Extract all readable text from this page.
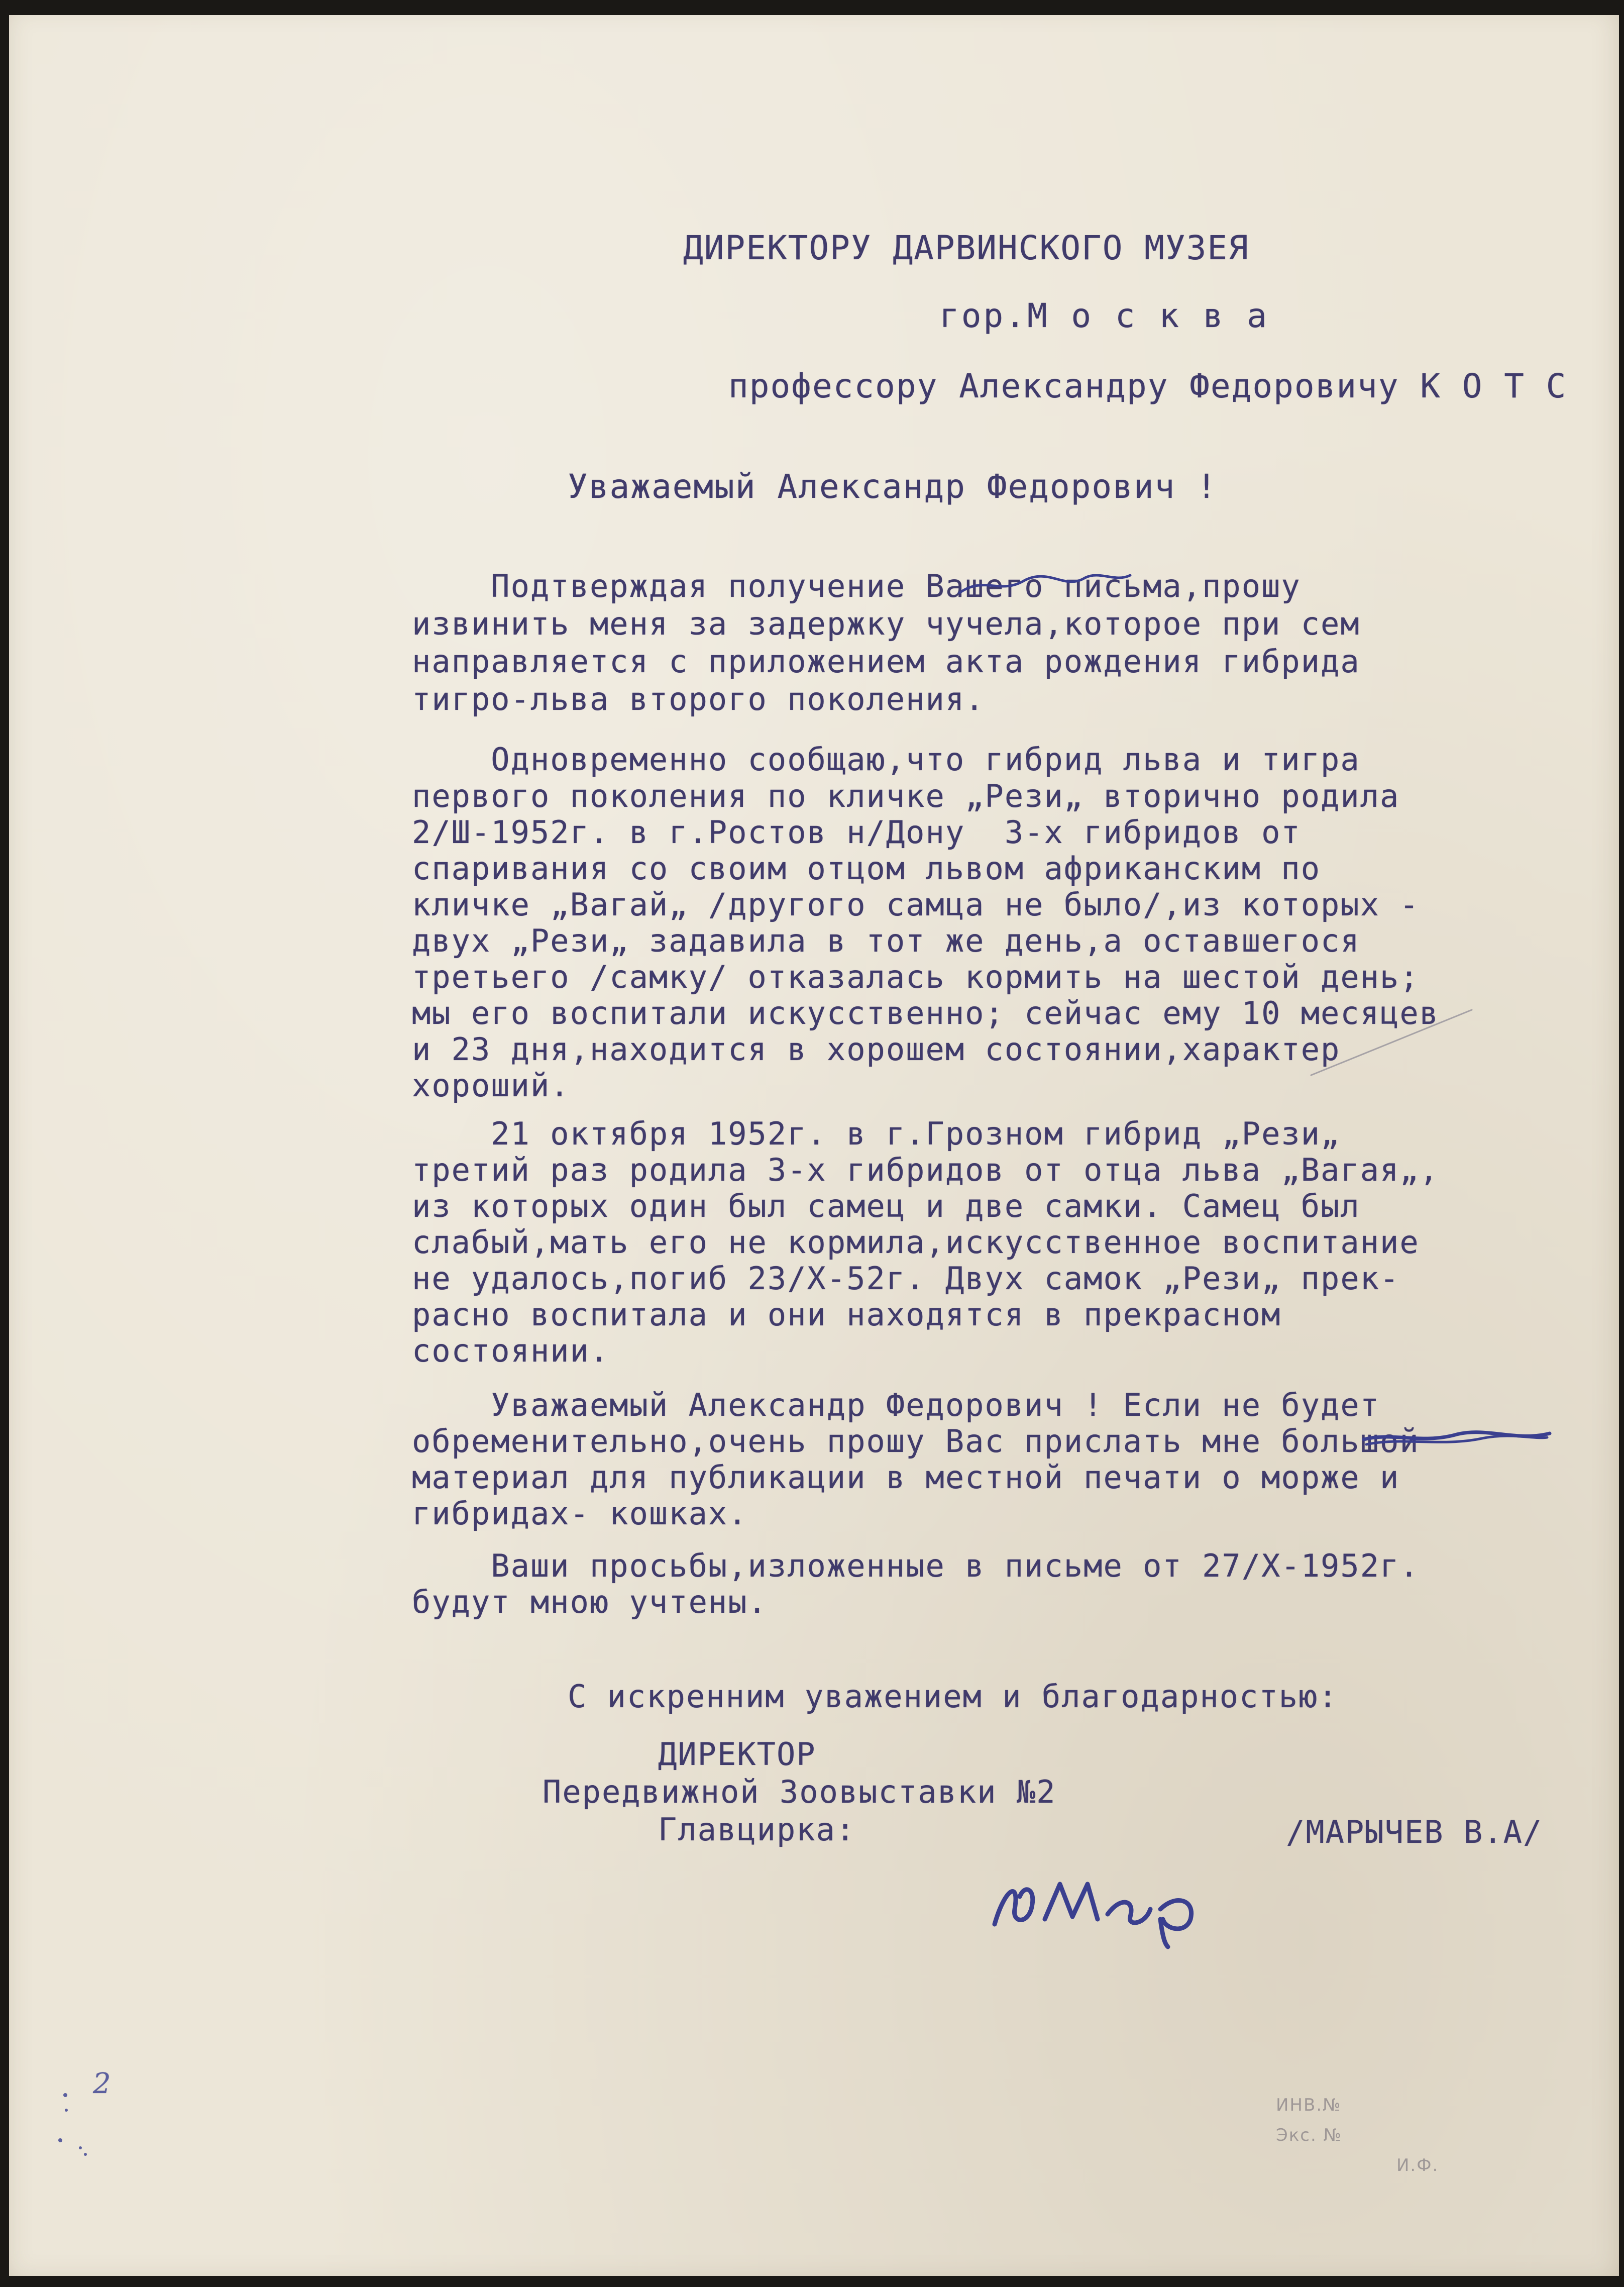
ДИРЕКТОРУ ДАРВИНСКОГО МУЗЕЯ
гор.М о с к в а
профессору Александру Федоровичу К О Т С
Уважаемый Александр Федорович !
Подтверждая получение Вашего письма,прошу
извинить меня за задержку чучела,которое при сем
направляется с приложением акта рождения гибрида
тигро-льва второго поколения.
Одновременно сообщаю,что гибрид льва и тигра
первого поколения по кличке „Рези„ вторично родила
2/Ш-1952г. в г.Ростов н/Дону  3-х гибридов от
спаривания со своим отцом львом африканским по
кличке „Вагай„ /другого самца не было/,из которых -
двух „Рези„ задавила в тот же день,а оставшегося
третьего /самку/ отказалась кормить на шестой день;
мы его воспитали искусственно; сейчас ему 10 месяцев
и 23 дня,находится в хорошем состоянии,характер
хороший.
21 октября 1952г. в г.Грозном гибрид „Рези„
третий раз родила 3-х гибридов от отца льва „Вагая„,
из которых один был самец и две самки. Самец был
слабый,мать его не кормила,искусственное воспитание
не удалось,погиб 23/Х-52г. Двух самок „Рези„ прек-
расно воспитала и они находятся в прекрасном
состоянии.
Уважаемый Александр Федорович ! Если не будет
обременительно,очень прошу Вас прислать мне большой
материал для публикации в местной печати о морже и
гибридах- кошках.
Ваши просьбы,изложенные в письме от 27/Х-1952г.
будут мною учтены.
С искренним уважением и благодарностью:
ДИРЕКТОР
Передвижной Зоовыставки №2
Главцирка:	/МАРЫЧЕВ В.А/
2
ИНВ.№
Экс. №
И.Ф.
